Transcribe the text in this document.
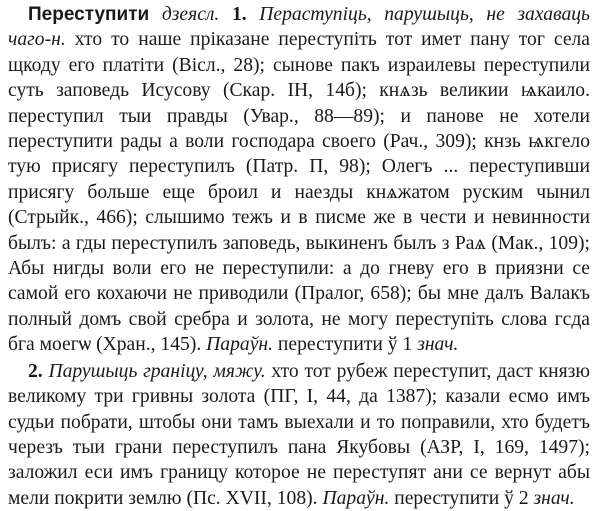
Переступити дзеясл. 1. Пераступіць, парушыць, не захаваць чаго-н. хто то наше пріказане переступіть тот имет пану тог села щкоду его платіти (Вісл., 28); сынове пакъ израилевы переступили суть заповедь Исусову (Скар. ІН, 14б); кнѧзь великии ѩкаило. переступил тыи правды (Увар., 88—89); и панове не хотели переступити рады а воли господара своего (Рач., 309); кнзь ѩкгело тую присягу переступилъ (Патр. П, 98); Олегъ ... переступивши присягу больше еще броил и наезды кнѧжатом руским чынил (Стрыйк., 466); слышимо тежъ и в писме же в чести и невинности былъ: а гды переступилъ заповедь, выкиненъ былъ з Раѧ (Мак., 109); Абы нигды воли его не переступили: а до гневу его в приязни се самой его кохаючи не приводили (Пралог, 658); бы мне далъ Валакъ полный домъ свой сребра и золота, не могу переступіть слова гсда бга моегѡ (Хран., 145). Параўн. переступити ў 1 знач.

2. Парушыць граніцу, мяжу. хто тот рубеж переступит, даст князю великому три гривны золота (ПГ, І, 44, да 1387); казали есмо имъ судьи побрати, штобы они тамъ выехали и то поправили, хто будетъ черезъ тыи грани переступилъ пана Якубовы (АЗР, І, 169, 1497); заложил еси имъ границу которое не переступят ани се вернут абы мели покрити землю (Пс. XVII, 108). Параўн. переступити ў 2 знач.
